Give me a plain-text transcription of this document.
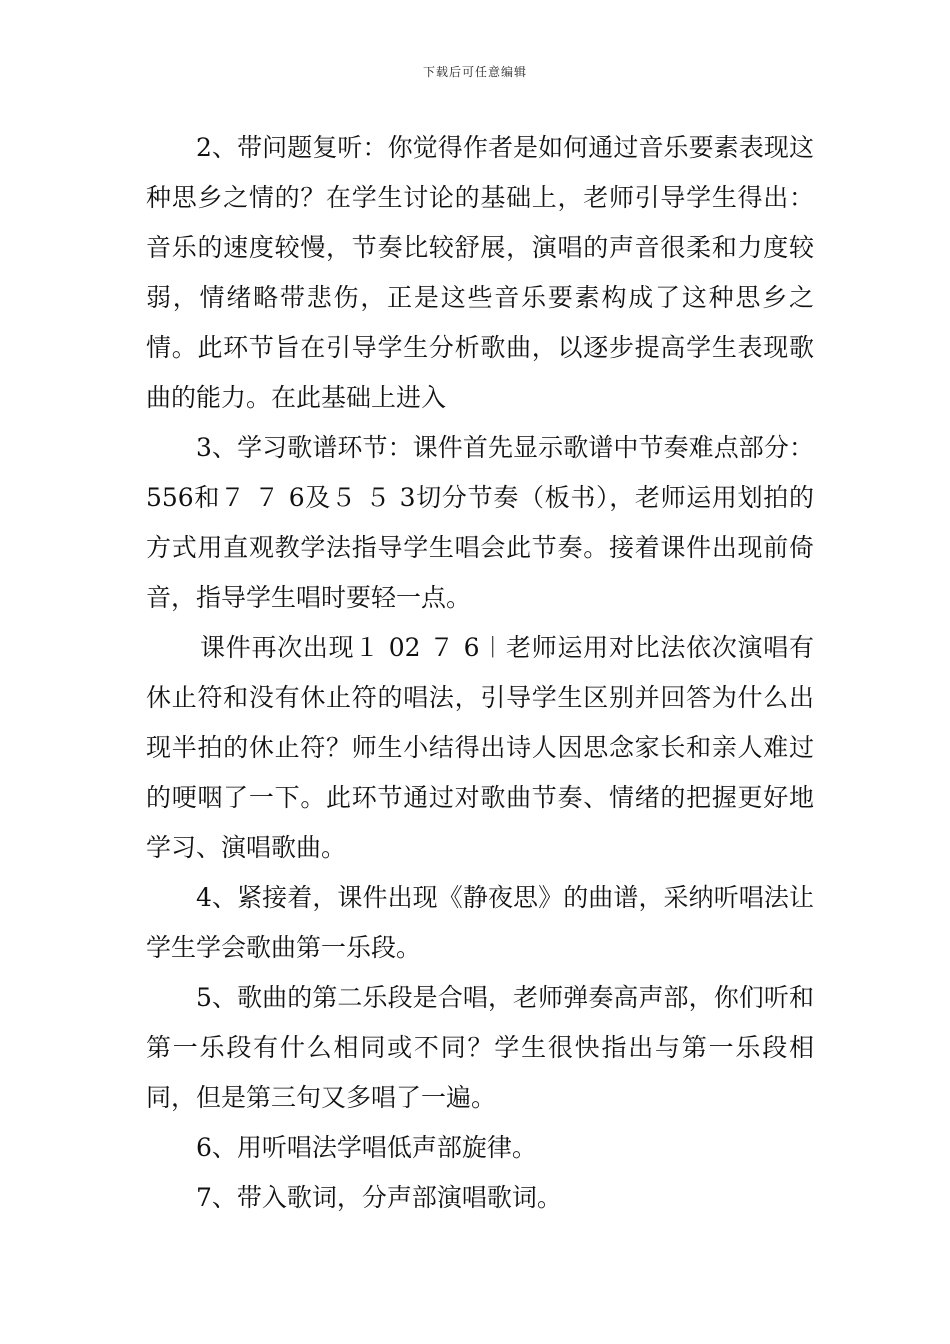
下载后可任意编辑

2、带问题复听：你觉得作者是如何通过音乐要素表现这种思乡之情的？在学生讨论的基础上，老师引导学生得出：音乐的速度较慢，节奏比较舒展，演唱的声音很柔和力度较弱，情绪略带悲伤，正是这些音乐要素构成了这种思乡之情。此环节旨在引导学生分析歌曲，以逐步提高学生表现歌曲的能力。在此基础上进入

3、学习歌谱环节：课件首先显示歌谱中节奏难点部分：556和７ ７ 6及５ ５ 3切分节奏（板书），老师运用划拍的方式用直观教学法指导学生唱会此节奏。接着课件出现前倚音，指导学生唱时要轻一点。

课件再次出现１ 02 ７ 6︱老师运用对比法依次演唱有休止符和没有休止符的唱法，引导学生区别并回答为什么出现半拍的休止符？师生小结得出诗人因思念家长和亲人难过的哽咽了一下。此环节通过对歌曲节奏、情绪的把握更好地学习、演唱歌曲。

4、紧接着，课件出现《静夜思》的曲谱，采纳听唱法让学生学会歌曲第一乐段。

5、歌曲的第二乐段是合唱，老师弹奏高声部，你们听和第一乐段有什么相同或不同？学生很快指出与第一乐段相同，但是第三句又多唱了一遍。

6、用听唱法学唱低声部旋律。

7、带入歌词，分声部演唱歌词。
